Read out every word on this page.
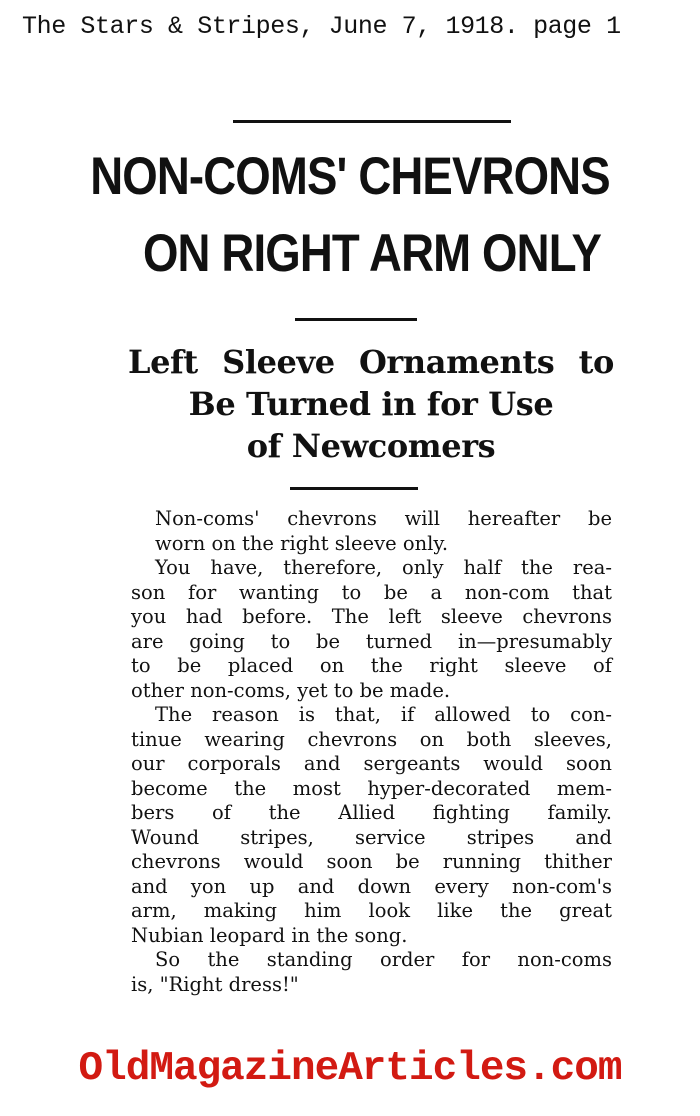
The Stars & Stripes, June 7, 1918. page 1
NON-COMS' CHEVRONS
ON RIGHT ARM ONLY
Left Sleeve Ornaments to
Be Turned in for Use
of Newcomers

Non-coms' chevrons will hereafter be
worn on the right sleeve only.

You have, therefore, only half the rea-
son for wanting to be a non-com that
you had before. The left sleeve chevrons
are going to be turned in—presumably
to be placed on the right sleeve of
other non-coms, yet to be made.

The reason is that, if allowed to con-
tinue wearing chevrons on both sleeves,
our corporals and sergeants would soon
become the most hyper-decorated mem-
bers of the Allied fighting family.
Wound stripes, service stripes and
chevrons would soon be running thither
and yon up and down every non-com's
arm, making him look like the great
Nubian leopard in the song.

So the standing order for non-coms
is, "Right dress!"

OldMagazineArticles.com
